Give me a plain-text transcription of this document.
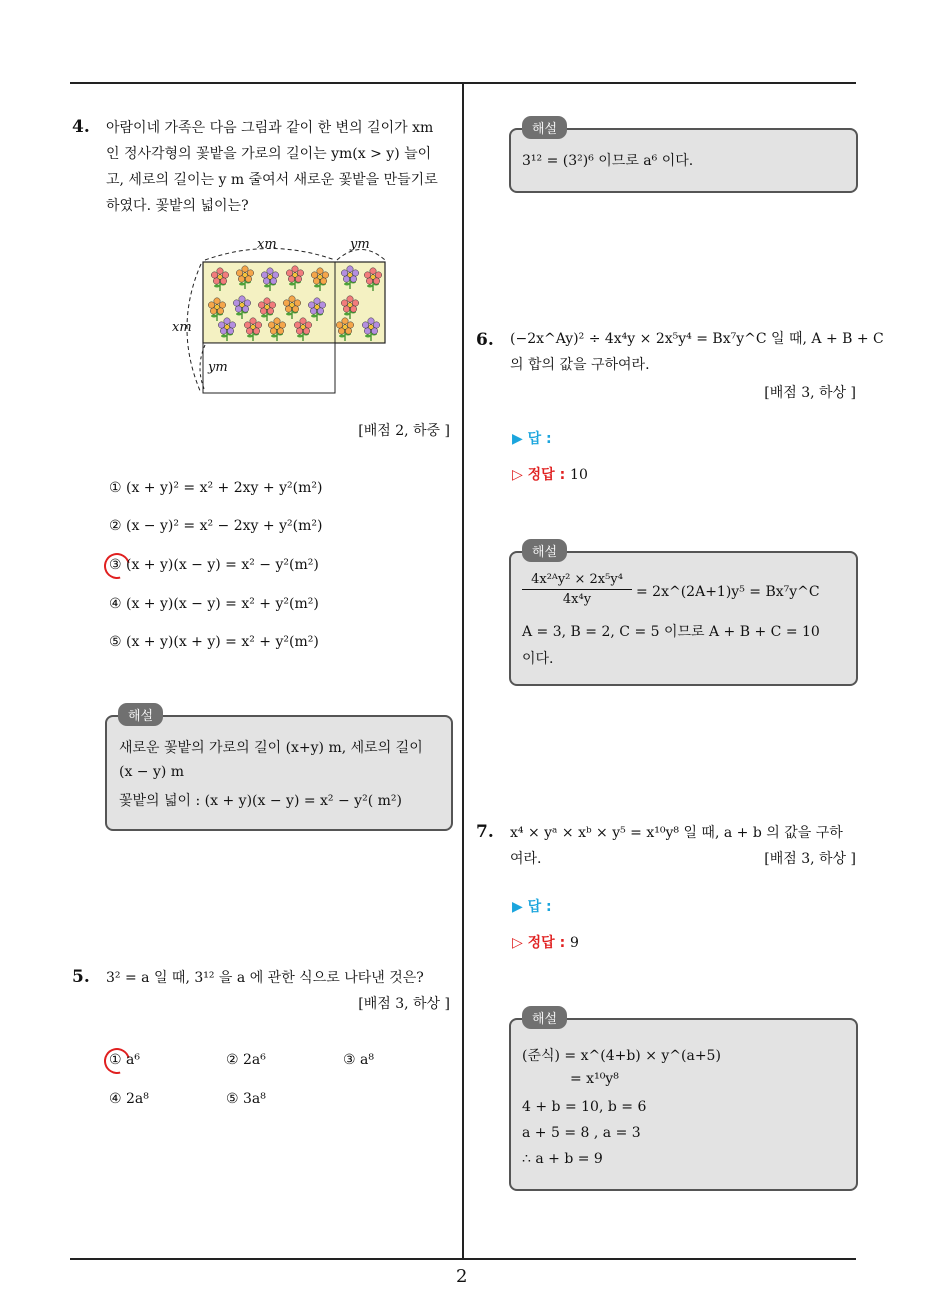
2
4. 아람이네 가족은 다음 그림과 같이 한 변의 길이가 xm
인 정사각형의 꽃밭을 가로의 길이는 ym(x > y) 늘이
고, 세로의 길이는 y m 줄여서 새로운 꽃밭을 만들기로
하였다. 꽃밭의 넓이는?
xm	ym
xm
ym
[배점 2, 하중 ]
① (x + y)² = x² + 2xy + y²(m²)
② (x − y)² = x² − 2xy + y²(m²)
③ (x + y)(x − y) = x² − y²(m²)
④ (x + y)(x − y) = x² + y²(m²)
⑤ (x + y)(x + y) = x² + y²(m²)
해설
새로운 꽃밭의 가로의 길이 (x+y) m, 세로의 길이
(x − y) m
꽃밭의 넓이 : (x + y)(x − y) = x² − y²( m²)
5. 3² = a 일 때, 3¹² 을 a 에 관한 식으로 나타낸 것은?
[배점 3, 하상 ]
① a⁶	② 2a⁶	③ a⁸
④ 2a⁸	⑤ 3a⁸
해설
3¹² = (3²)⁶ 이므로 a⁶ 이다.
6. (−2x^Ay)² ÷ 4x⁴y × 2x⁵y⁴ = Bx⁷y^C 일 때, A + B + C
의 합의 값을 구하여라.
[배점 3, 하상 ]
▶ 답 :
▷ 정답 : 10
해설
4x²ᴬy² × 2x⁵y⁴
4x⁴y	= 2x^(2A+1)y⁵ = Bx⁷y^C
A = 3, B = 2, C = 5 이므로 A + B + C = 10
이다.
7. x⁴ × yᵃ × xᵇ × y⁵ = x¹⁰y⁸ 일 때, a + b 의 값을 구하
여라.	[배점 3, 하상 ]
▶ 답 :
▷ 정답 : 9
해설
(준식) = x^(4+b) × y^(a+5)
= x¹⁰y⁸
4 + b = 10, b = 6
a + 5 = 8 , a = 3
∴ a + b = 9
